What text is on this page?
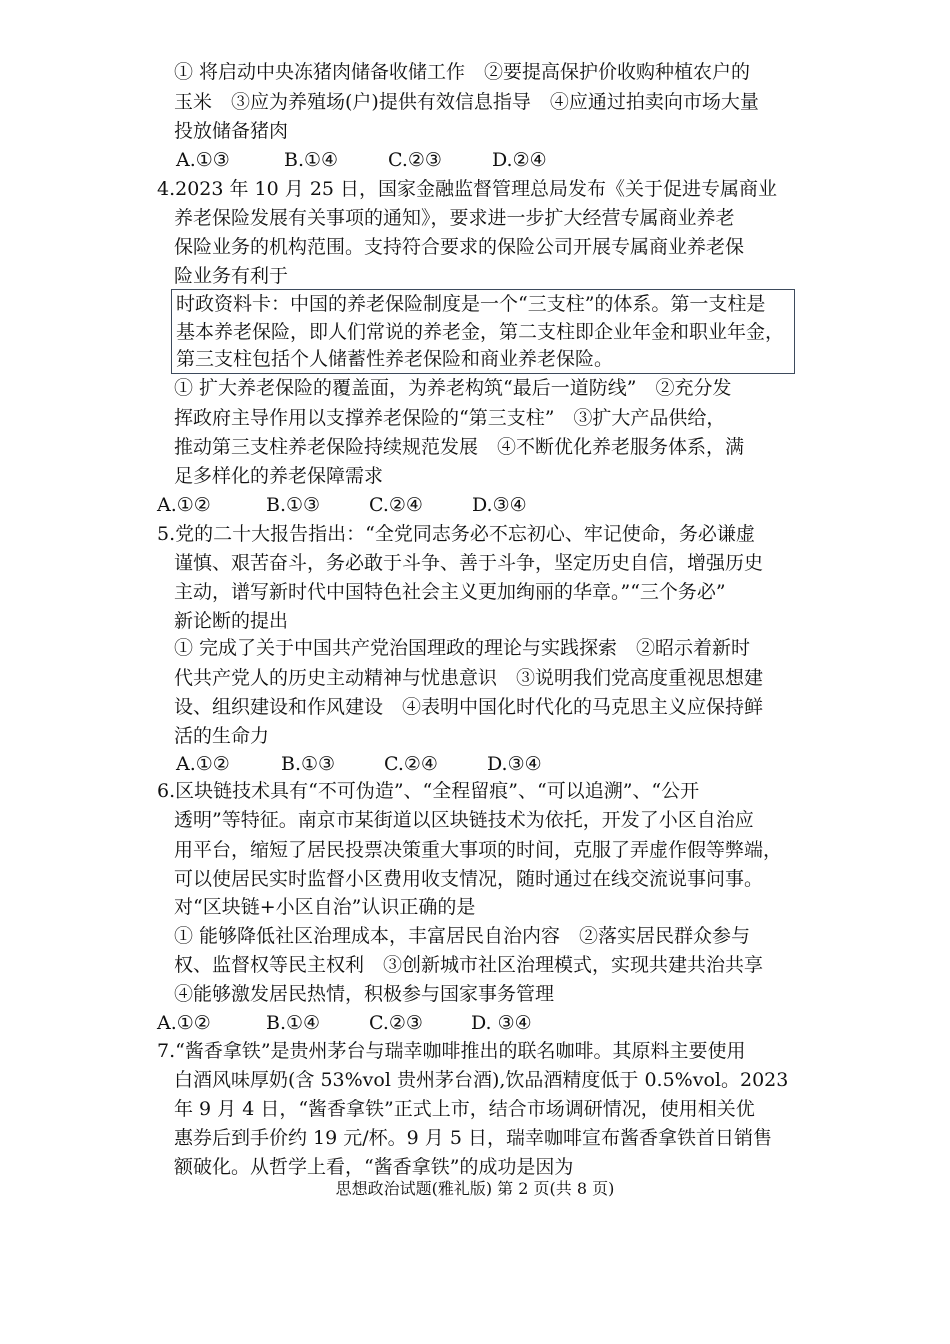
① 将启动中央冻猪肉储备收储工作　②要提高保护价收购种植农户的
玉米　③应为养殖场(户)提供有效信息指导　④应通过拍卖向市场大量
投放储备猪肉
A.①③	B.①④	C.②③	D.②④
4.2023 年 10 月 25 日，国家金融监督管理总局发布《关于促进专属商业
养老保险发展有关事项的通知》，要求进一步扩大经营专属商业养老
保险业务的机构范围。支持符合要求的保险公司开展专属商业养老保
险业务有利于
时政资料卡：中国的养老保险制度是一个“三支柱”的体系。第一支柱是
基本养老保险，即人们常说的养老金，第二支柱即企业年金和职业年金，
第三支柱包括个人储蓄性养老保险和商业养老保险。
① 扩大养老保险的覆盖面，为养老构筑“最后一道防线”　②充分发
挥政府主导作用以支撑养老保险的“第三支柱”　③扩大产品供给，
推动第三支柱养老保险持续规范发展　④不断优化养老服务体系，满
足多样化的养老保障需求
A.①②	B.①③	C.②④	D.③④
5.党的二十大报告指出：“全党同志务必不忘初心、牢记使命，务必谦虚
谨慎、艰苦奋斗，务必敢于斗争、善于斗争，坚定历史自信，增强历史
主动，谱写新时代中国特色社会主义更加绚丽的华章。”“三个务必”
新论断的提出
① 完成了关于中国共产党治国理政的理论与实践探索　②昭示着新时
代共产党人的历史主动精神与忧患意识　③说明我们党高度重视思想建
设、组织建设和作风建设　④表明中国化时代化的马克思主义应保持鲜
活的生命力
A.①②	B.①③	C.②④	D.③④
6.区块链技术具有“不可伪造”、“全程留痕”、“可以追溯”、“公开
透明”等特征。南京市某街道以区块链技术为依托，开发了小区自治应
用平台，缩短了居民投票决策重大事项的时间，克服了弄虚作假等弊端，
可以使居民实时监督小区费用收支情况，随时通过在线交流说事问事。
对“区块链+小区自治”认识正确的是
① 能够降低社区治理成本，丰富居民自治内容　②落实居民群众参与
权、监督权等民主权利　③创新城市社区治理模式，实现共建共治共享
④能够激发居民热情，积极参与国家事务管理
A.①②	B.①④	C.②③	D. ③④
7.“酱香拿铁”是贵州茅台与瑞幸咖啡推出的联名咖啡。其原料主要使用
白酒风味厚奶(含 53%vol 贵州茅台酒),饮品酒精度低于 0.5%vol。2023
年 9 月 4 日，“酱香拿铁”正式上市，结合市场调研情况，使用相关优
惠券后到手价约 19 元/杯。9 月 5 日，瑞幸咖啡宣布酱香拿铁首日销售
额破化。从哲学上看，“酱香拿铁”的成功是因为
思想政治试题(雅礼版) 第 2 页(共 8 页)
